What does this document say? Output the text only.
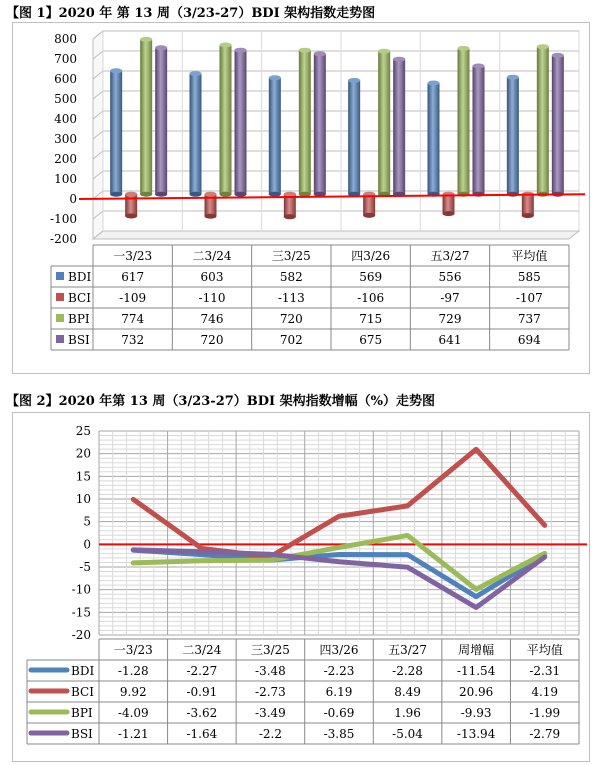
【图 1】2020 年 第 13 周（3/23-27）BDI 架构指数走势图
-200
-100
0
100
200
300
400
500
600
700
800
一3/23	二3/24	三3/25	四3/26	五3/27	平均值
BDI	617	603	582	569	556	585
BCI -109	-110	-113	-106	-97	-107
BPI	774	746	720	715	729	737
BSI	732	720	702	675	641	694
【图 2】2020 年第 13 周（3/23-27）BDI 架构指数增幅（%）走势图
-20
-15
-10
-5
0
5
10
15
20
25
一3/23 二3/24 三3/25 四3/26 五3/27	周增幅	平均值
BDI -1.28	-2.27	-3.48	-2.23	-2.28	-11.54	-2.31
BCI 9.92	-0.91	-2.73	6.19	8.49	20.96	4.19
BPI -4.09	-3.62	-3.49	-0.69	1.96	-9.93	-1.99
BSI -1.21	-1.64	-2.2	-3.85	-5.04	-13.94	-2.79
